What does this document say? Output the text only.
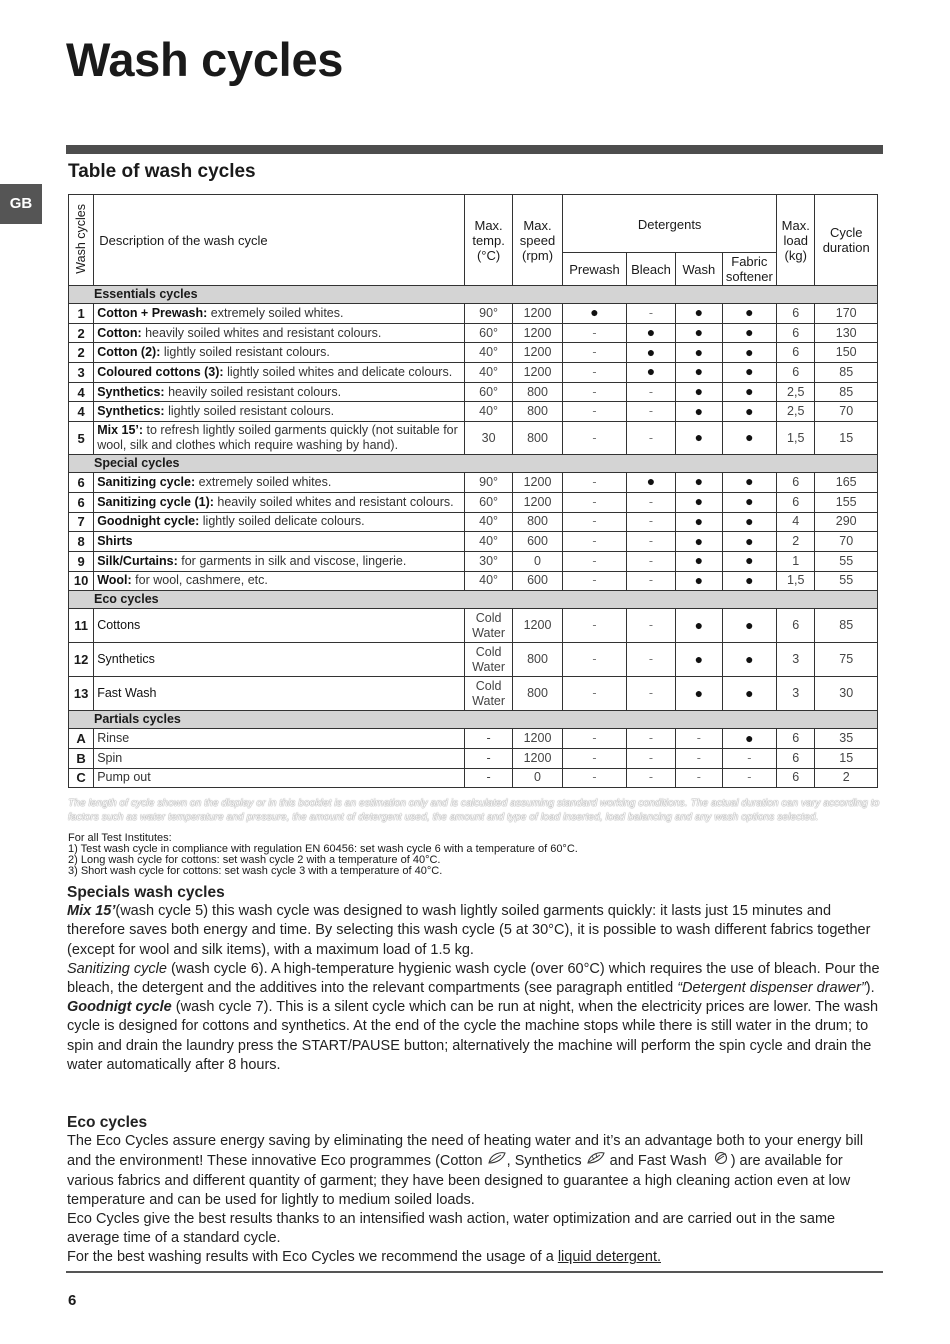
Wash cycles
GB
Table of wash cycles
Wash cycles	Description of the wash cycle	Max.
temp.
(°C)	Max.
speed
(rpm)	Detergents				Max.
load
(kg)	Cycle
duration
				Prewash	Bleach	Wash	Fabric
softener		
Essentials cycles									
1	Cotton + Prewash: extremely soiled whites.	90°	1200	●	-	●	●	6	170
2	Cotton: heavily soiled whites and resistant colours.	60°	1200	-	●	●	●	6	130
2	Cotton (2): lightly soiled resistant colours.	40°	1200	-	●	●	●	6	150
3	Coloured cottons (3): lightly soiled whites and delicate colours.	40°	1200	-	●	●	●	6	85
4	Synthetics: heavily soiled resistant colours.	60°	800	-	-	●	●	2,5	85
4	Synthetics: lightly soiled resistant colours.	40°	800	-	-	●	●	2,5	70
5	Mix 15’: to refresh lightly soiled garments quickly (not suitable for wool, silk and clothes which require washing by hand).	30	800	-	-	●	●	1,5	15
Special cycles									
6	Sanitizing cycle: extremely soiled whites.	90°	1200	-	●	●	●	6	165
6	Sanitizing cycle (1): heavily soiled whites and resistant colours.	60°	1200	-	-	●	●	6	155
7	Goodnight cycle: lightly soiled delicate colours.	40°	800	-	-	●	●	4	290
8	Shirts	40°	600	-	-	●	●	2	70
9	Silk/Curtains: for garments in silk and viscose, lingerie.	30°	0	-	-	●	●	1	55
10	Wool: for wool, cashmere, etc.	40°	600	-	-	●	●	1,5	55
Eco cycles									
11	Cottons	Cold Water	1200	-	-	●	●	6	85
12	Synthetics	Cold Water	800	-	-	●	●	3	75
13	Fast Wash	Cold Water	800	-	-	●	●	3	30
Partials cycles									
A	Rinse	-	1200	-	-	-	●	6	35
B	Spin	-	1200	-	-	-	-	6	15
C	Pump out	-	0	-	-	-	-	6	2
The length of cycle shown on the display or in this booklet is an estimation only and is calculated assuming standard working conditions. The actual duration can vary according to factors such as water temperature and pressure, the amount of detergent used, the amount and type of load inserted, load balancing and any wash options selected.
For all Test Institutes:
1) Test wash cycle in compliance with regulation EN 60456: set wash cycle 6 with a temperature of 60°C.
2) Long wash cycle for cottons: set wash cycle 2 with a temperature of 40°C.
3) Short wash cycle for cottons: set wash cycle 3 with a temperature of 40°C.
Specials wash cycles
Mix 15’(wash cycle 5) this wash cycle was designed to wash lightly soiled garments quickly: it lasts just 15 minutes and therefore saves both energy and time. By selecting this wash cycle (5 at 30°C), it is possible to wash different fabrics together (except for wool and silk items), with a maximum load of 1.5 kg.
Sanitizing cycle (wash cycle 6). A high-temperature hygienic wash cycle (over 60°C) which requires the use of bleach. Pour the bleach, the detergent and the additives into the relevant compartments (see paragraph entitled “Detergent dispenser drawer”).
Goodnigt cycle (wash cycle 7). This is a silent cycle which can be run at night, when the electricity prices are lower. The wash cycle is designed for cottons and synthetics. At the end of the cycle the machine stops while there is still water in the drum; to spin and drain the laundry press the START/PAUSE button; alternatively the machine will perform the spin cycle and drain the water automatically after 8 hours.
Eco cycles
The Eco Cycles assure energy saving by eliminating the need of heating water and it’s an advantage both to your energy bill and the environment! These innovative Eco programmes (Cotton , Synthetics  and Fast Wash ) are available for various fabrics and different quantity of garment; they have been designed to guarantee a high cleaning action even at low temperature and can be used for lightly to medium soiled loads.
Eco Cycles give the best results thanks to an intensified wash action, water optimization and are carried out in the same average time of a standard cycle.
For the best washing results with Eco Cycles we recommend the usage of a liquid detergent.
6
